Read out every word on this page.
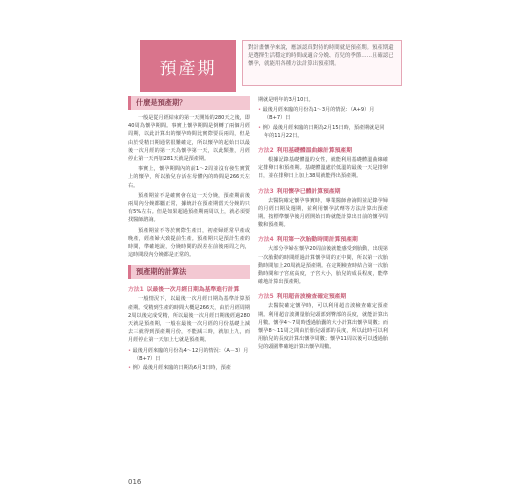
預產期
對計畫懷孕來說，應該認真對待的時間就是預產期。預產期還是選擇生活穩定的時間或適合分娩、育兒的季節……且確認已懷孕，就能用各種方法計算出預產期。
什麼是預產期？

一般是從月經結束的第一天開始的280天之後，即40周為懷孕期間。事實上懷孕期間是倒轉了兩個月經周期，以此計算出的懷孕時間比實際要長兩周，但是由於受精日期通常很難確定，所以懷孕的起始日以最後一次月經的第一天為懷孕第一天，以此類推，月經停止第一天再加281天就是預產期。

事實上，懷孕期間內的前1～2周並沒有發生實質上的懷孕，所以胎兒存活在母體內的時間是266天左右。

預產期並不是確實會在這一天分娩，預產期前後兩周內分娩都屬正常，據統計在預產期當天分娩的只有5%左右。但是如果超過預產期兩周以上，就必須要找醫師諮詢。

預產期並不等於實際生產日，初產婦經常早產或晚產，經產婦大致提前生產。預產期只是預計生產的時間，準確地說，分娩時間的誤差在前後兩周之內，這時間段內分娩都是正常的。

預產期的計算法
方法1 以最後一次月經日期為基準進行計算

一般情況下，以最後一次月經日期為基準計算預產期。受精到生產的時間大概是266天，由於月經周期2周以後完成受精，所以最後一次月經日期後經過280天就是預產期，一般在最後一次月經的月份基礎上減去三就得到預產期月份，不能減三時，就加上九，而月經停止第一天加上七就是預產期。

• 最後月經來臨的月份為4～12月的情況：（A－3）月（B+7）日

• 例）最後月經來臨的日期為6月3日時，預產

期就是明年的3月10日。

• 最後月經來臨的月份為1～3月的情況：（A+9）月（B+7）日

• 例）最後月經來臨的日期為2月15日時，預產期就是同年的11月22日。

方法2 利用基礎體溫曲線計算預產期

根據記錄基礎體溫的女性，就能利用基礎體溫曲線確定排卵日和預產期。基礎體溫處於低溫的最後一天是排卵日，並在排卵日上加上38周就能得出預產期。

方法3 利用懷孕已體計算預產期

去醫院確定懷孕事實時，專業醫師會詢問並記錄孕婦的月經日期及週期，並利用懷孕試劑等方法計算出預產期。按標準懷孕後月經開始日時就能計算出日前的懷孕周數和預產期。

方法4 利用第一次胎動時間計算預產期

大部分孕婦在懷孕20周前後就能感受到胎動，出現第一次胎動的時間經過計算懷孕周的正中間，所以第一次胎動時間加上20周就是預產期。在定期檢查時結合第一次胎動時間和子宮底高度，子宮大小，胎兒的成長程度，能準確地計算出預產期。

方法5 利用超音波檢查確定預產期

去醫院確定懷孕時，可以利用超音波檢查確定預產期。利用超音波測量胎兒頭部到臀部的長度，就能計算出月數。懷孕4～7周時透過胎囊的大小計算出懷孕周數；而懷孕8～11周之間由於胎兒頭部的長度，所以此時可以利用胎兒的長度計算出懷孕周數；懷孕11周以後可以透過胎兒的頭圍準確地計算出懷孕周數。

016
